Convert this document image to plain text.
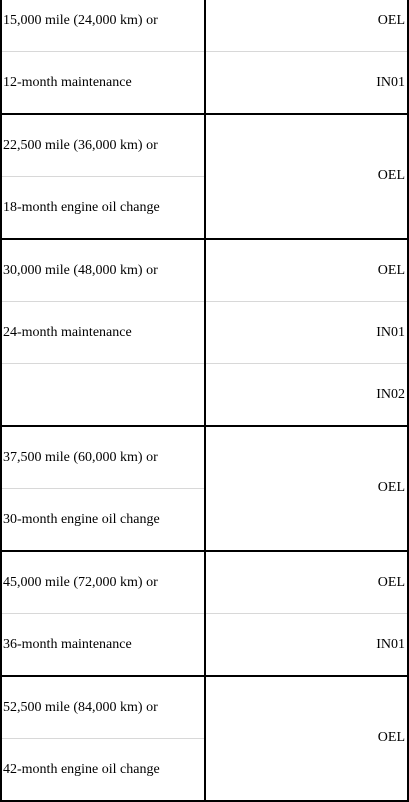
15,000 mile (24,000 km) or
12-month maintenance
OEL
IN01
22,500 mile (36,000 km) or
18-month engine oil change
OEL
30,000 mile (48,000 km) or
24-month maintenance
OEL
IN01
IN02
37,500 mile (60,000 km) or
30-month engine oil change
OEL
45,000 mile (72,000 km) or
36-month maintenance
OEL
IN01
52,500 mile (84,000 km) or
42-month engine oil change
OEL
